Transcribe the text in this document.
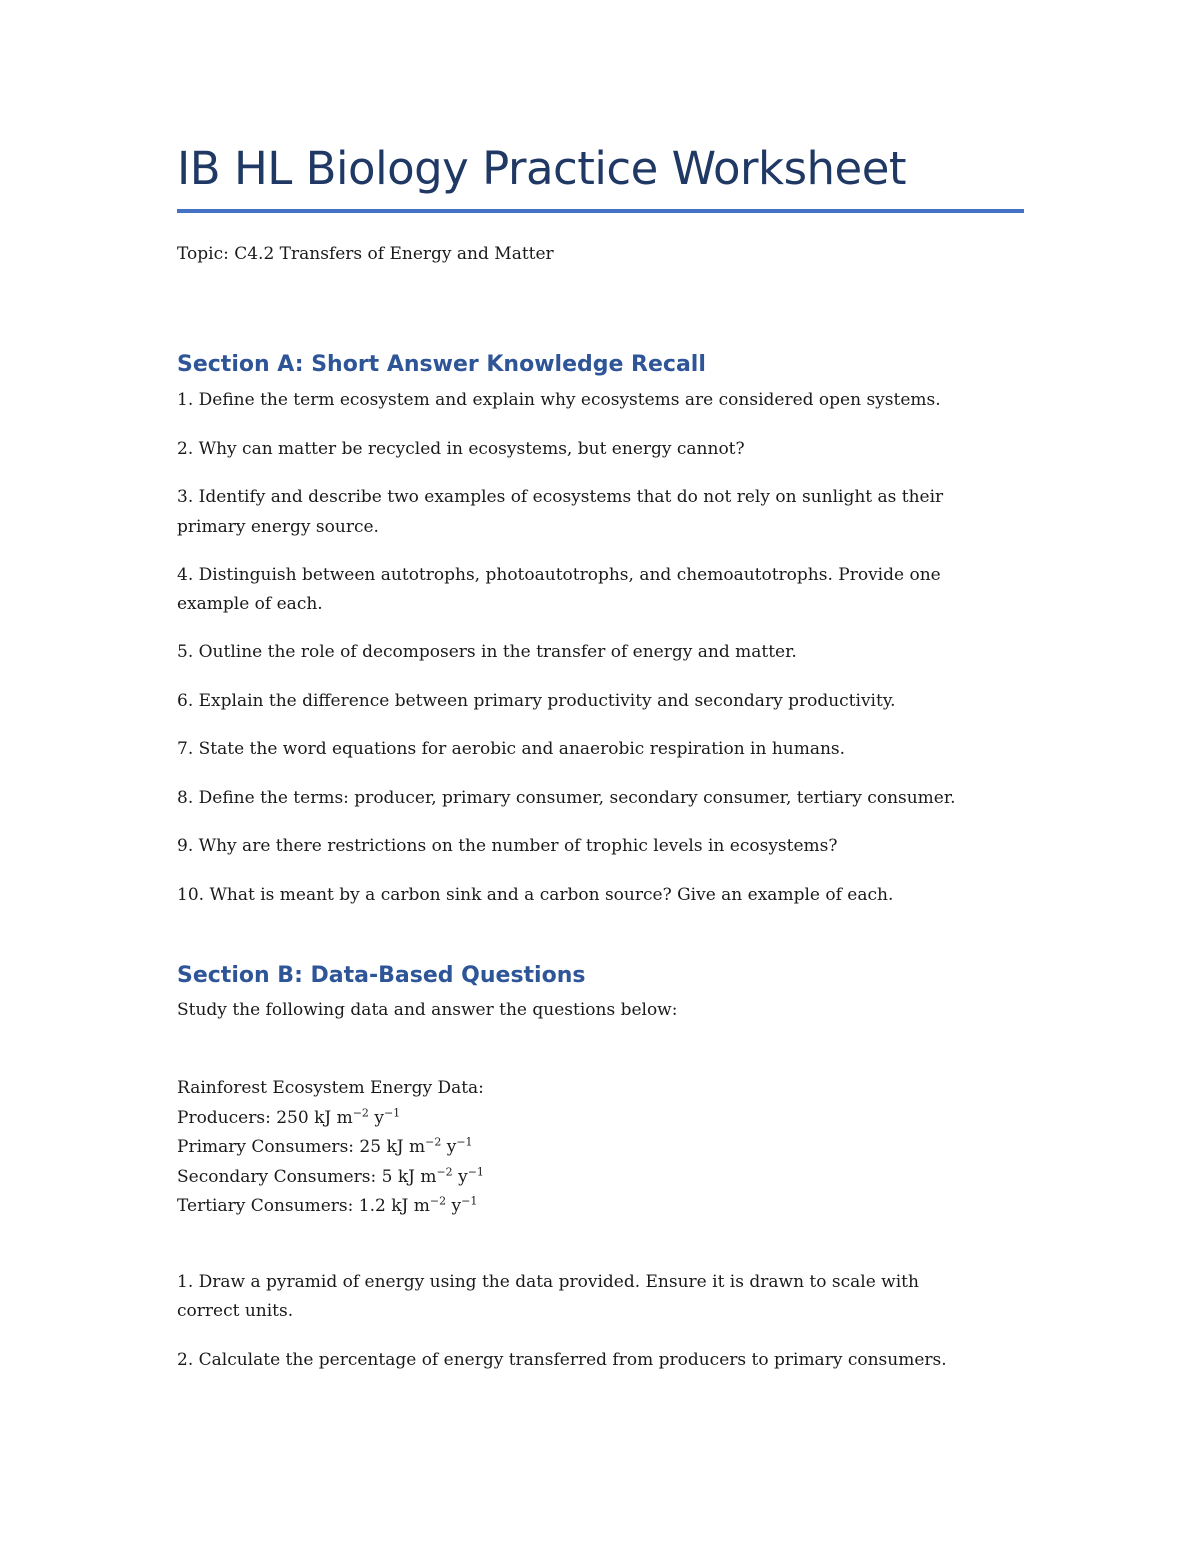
IB HL Biology Practice Worksheet
Topic: C4.2 Transfers of Energy and Matter
Section A: Short Answer Knowledge Recall
1. Define the term ecosystem and explain why ecosystems are considered open systems.
2. Why can matter be recycled in ecosystems, but energy cannot?
3. Identify and describe two examples of ecosystems that do not rely on sunlight as their
primary energy source.
4. Distinguish between autotrophs, photoautotrophs, and chemoautotrophs. Provide one
example of each.
5. Outline the role of decomposers in the transfer of energy and matter.
6. Explain the difference between primary productivity and secondary productivity.
7. State the word equations for aerobic and anaerobic respiration in humans.
8. Define the terms: producer, primary consumer, secondary consumer, tertiary consumer.
9. Why are there restrictions on the number of trophic levels in ecosystems?
10. What is meant by a carbon sink and a carbon source? Give an example of each.
Section B: Data-Based Questions
Study the following data and answer the questions below:
Rainforest Ecosystem Energy Data:
Producers: 250 kJ $m^{-2}$ $y^{-1}$
Primary Consumers: 25 kJ $m^{-2}$ $y^{-1}$
Secondary Consumers: 5 kJ $m^{-2}$ $y^{-1}$
Tertiary Consumers: 1.2 kJ $m^{-2}$ $y^{-1}$
1. Draw a pyramid of energy using the data provided. Ensure it is drawn to scale with
correct units.
2. Calculate the percentage of energy transferred from producers to primary consumers.
